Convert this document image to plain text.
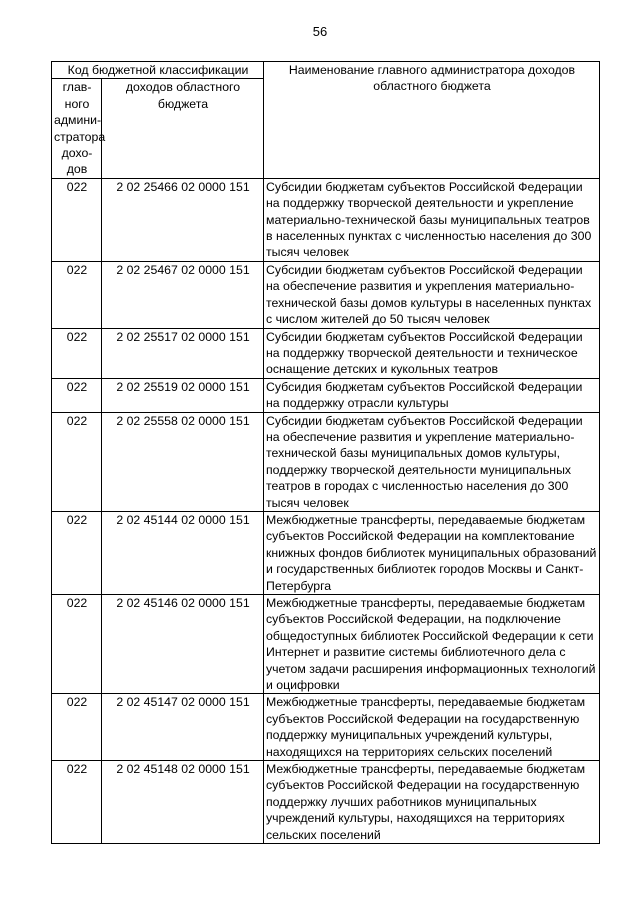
56
Код бюджетной классификации		Наименование главного администратора доходов областного бюджета
глав-ного админи-стратора дохо-дов	доходов областного бюджета	
022	2 02 25466 02 0000 151	Субсидии бюджетам субъектов Российской Федерации на поддержку творческой деятельности и укрепление материально-технической базы муниципальных театров в населенных пунктах с численностью населения до 300 тысяч человек
022	2 02 25467 02 0000 151	Субсидии бюджетам субъектов Российской Федерации на обеспечение развития и укрепления материально-технической базы домов культуры в населенных пунктах с числом жителей до 50 тысяч человек
022	2 02 25517 02 0000 151	Субсидии бюджетам субъектов Российской Федерации на поддержку творческой деятельности и техническое оснащение детских и кукольных театров
022	2 02 25519 02 0000 151	Субсидия бюджетам субъектов Российской Федерации на поддержку отрасли культуры
022	2 02 25558 02 0000 151	Субсидии бюджетам субъектов Российской Федерации на обеспечение развития и укрепление материально-технической базы муниципальных домов культуры, поддержку творческой деятельности муниципальных театров в городах с численностью населения до 300 тысяч человек
022	2 02 45144 02 0000 151	Межбюджетные трансферты, передаваемые бюджетам субъектов Российской Федерации на комплектование книжных фондов библиотек муниципальных образований и государственных библиотек городов Москвы и Санкт-Петербурга
022	2 02 45146 02 0000 151	Межбюджетные трансферты, передаваемые бюджетам субъектов Российской Федерации, на подключение общедоступных библиотек Российской Федерации к сети Интернет и развитие системы библиотечного дела с учетом задачи расширения информационных технологий и оцифровки
022	2 02 45147 02 0000 151	Межбюджетные трансферты, передаваемые бюджетам субъектов Российской Федерации на государственную поддержку муниципальных учреждений культуры, находящихся на территориях сельских поселений
022	2 02 45148 02 0000 151	Межбюджетные трансферты, передаваемые бюджетам субъектов Российской Федерации на государственную поддержку лучших работников муниципальных учреждений культуры, находящихся на территориях сельских поселений
